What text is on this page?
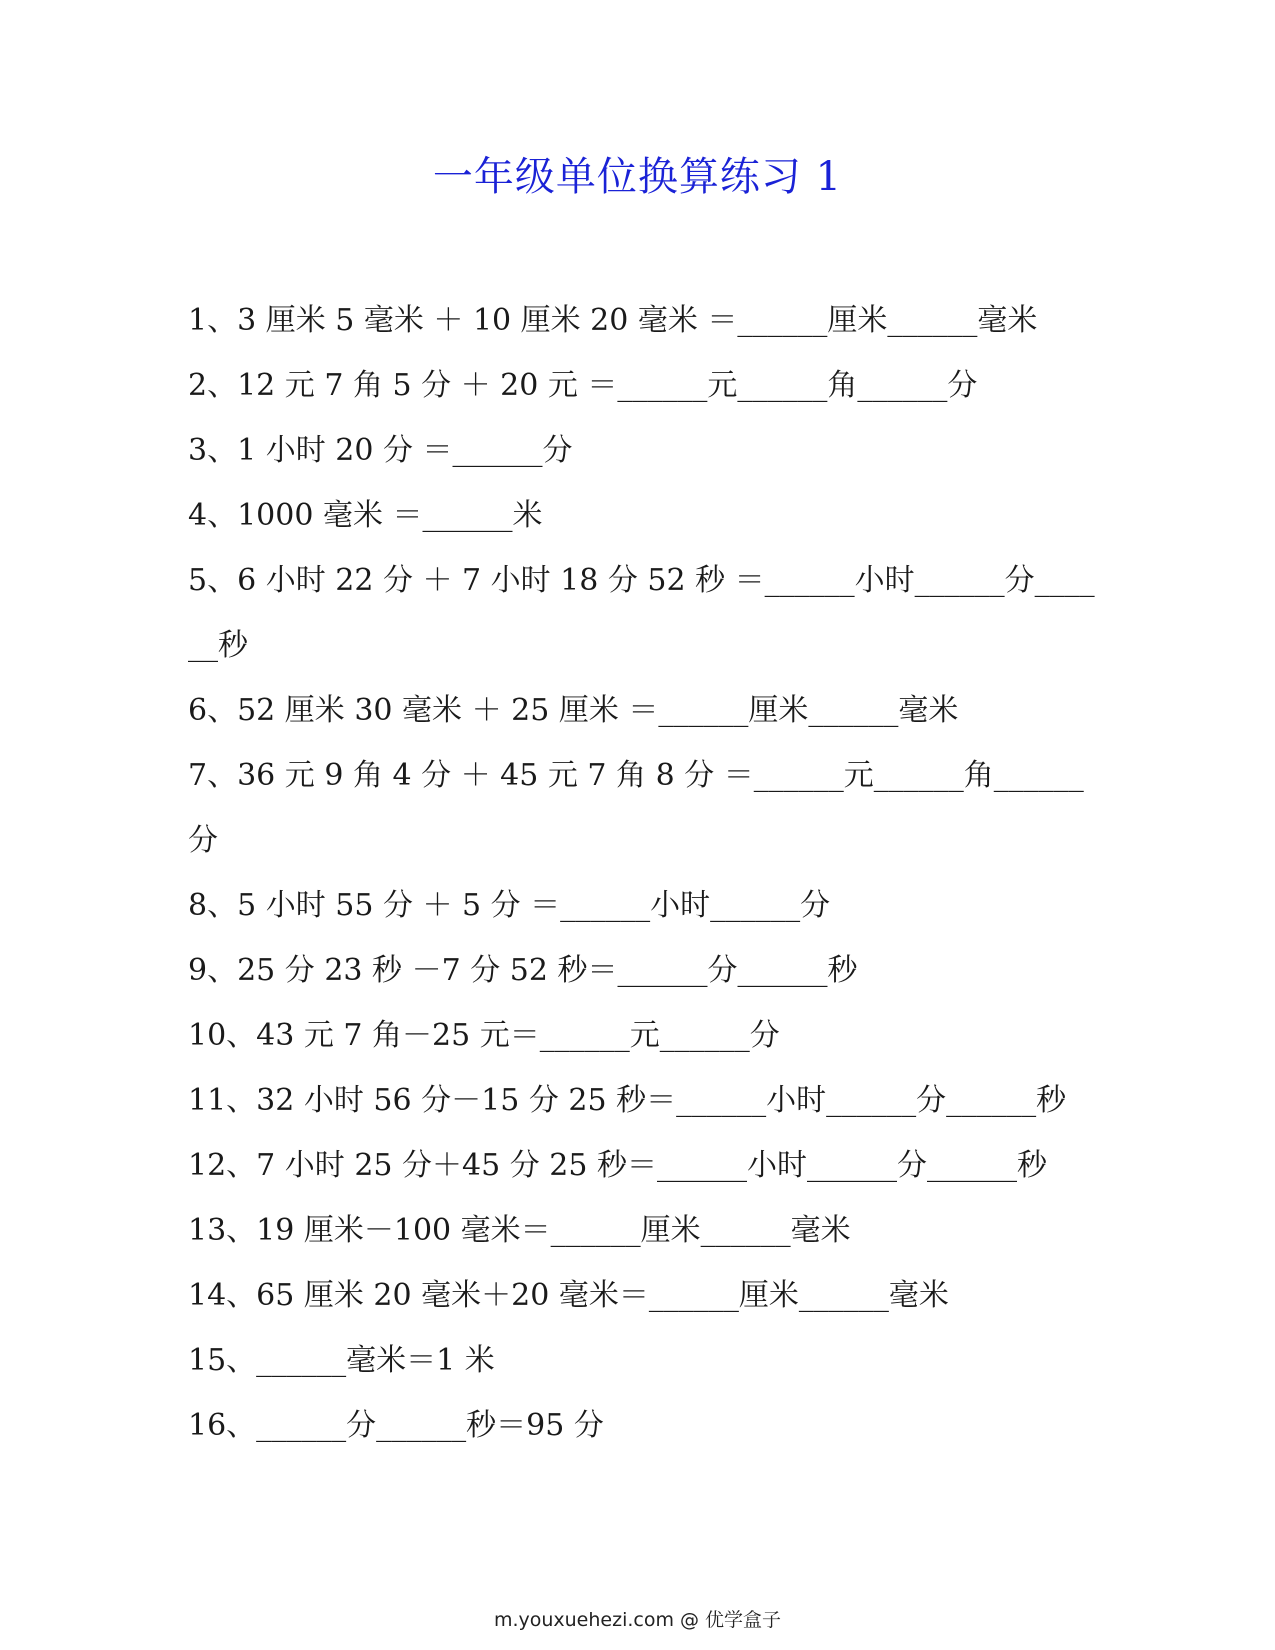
一年级单位换算练习 1
1、3 厘米 5 毫米 ＋ 10 厘米 20 毫米 ＝______厘米______毫米
2、12 元 7 角 5 分 ＋ 20 元 ＝______元______角______分
3、1 小时 20 分 ＝______分
4、1000 毫米 ＝______米
5、6 小时 22 分 ＋ 7 小时 18 分 52 秒 ＝______小时______分______秒
6、52 厘米 30 毫米 ＋ 25 厘米 ＝______厘米______毫米
7、36 元 9 角 4 分 ＋ 45 元 7 角 8 分 ＝______元______角______分
8、5 小时 55 分 ＋ 5 分 ＝______小时______分
9、25 分 23 秒 －7 分 52 秒＝______分______秒
10、43 元 7 角－25 元＝______元______分
11、32 小时 56 分－15 分 25 秒＝______小时______分______秒
12、7 小时 25 分＋45 分 25 秒＝______小时______分______秒
13、19 厘米－100 毫米＝______厘米______毫米
14、65 厘米 20 毫米＋20 毫米＝______厘米______毫米
15、______毫米＝1 米
16、______分______秒＝95 分
m.youxuehezi.com @ 优学盒子
